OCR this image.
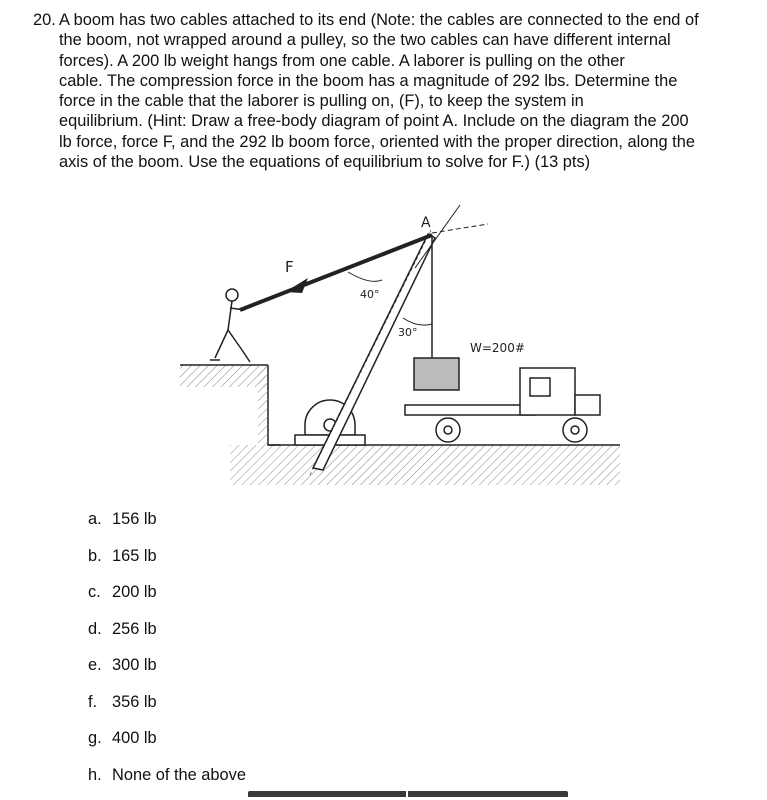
20. A boom has two cables attached to its end (Note: the cables are connected to the end of
the boom, not wrapped around a pulley, so the two cables can have different internal
forces). A 200 lb weight hangs from one cable. A laborer is pulling on the other
cable. The compression force in the boom has a magnitude of 292 lbs. Determine the
force in the cable that the laborer is pulling on, (F), to keep the system in
equilibrium. (Hint: Draw a free-body diagram of point A. Include on the diagram the 200
lb force, force F, and the 292 lb boom force, oriented with the proper direction, along the
axis of the boom. Use the equations of equilibrium to solve for F.) (13 pts)
A
F
40°
30°
W=200#
a. 156 lb
b. 165 lb
c. 200 lb
d. 256 lb
e. 300 lb
f. 356 lb
g. 400 lb
h. None of the above
